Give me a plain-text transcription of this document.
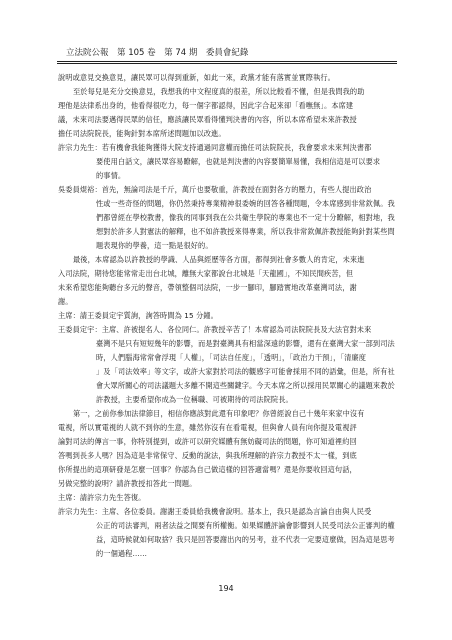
立法院公報　第 105 卷　第 74 期　委員會紀錄
說明或意見交換意見，讓民眾可以得到重新，如此一來，政黨才能有落實並實際執行。
至於每兒是充分交換意見，我想我的中文程度真的很差，所以比較看不懂，但是我問我的助
理他是法律系出身的，他看得很吃力，每一個字都認得，因此字合起來卻「看嘸無」。本席建
議，未來司法要邁得民眾的信任，應該讓民眾看得懂判決書的內容，所以本席希望未來許教授
擔任司法院院長，能夠針對本席所述問題加以改進。
許宗力先生：若有機會我能夠獲得大院支持通過同意權而擔任司法院院長，我會要求未來判決書都
要使用白話文，讓民眾容易瞭解，也就是判決書的內容要簡單易懂，我相信這是可以要求
的事情。
吳委員焜裕：首先，無論司法是千斤，萬斤也要敬重，許教授在面對各方的壓力，有些人提出政治
性或一些奇怪的問題，你仍然秉持專業精神很委婉的回答各種問題，令本席感到非常欽佩。我
們都曾經在學校教書，像我的同事到我在公共衛生學院的專業也不一定十分瞭解，相對地，我
想對於許多人對憲法的解釋，也不如許教授來得專業，所以我非常欽佩許教授能夠針對某些問
題表現你的學養，這一點是很好的。
最後，本席認為以許教授的學識、人品與經歷等各方面，都得到社會多數人的肯定，未來進
入司法院，期待您能常常走出台北城，離無大家都說台北城是「天龍國」，不知民間疾苦，但
未來希望您能夠聽台多元的聲音，帶領整個司法院，一步一腳印，腳踏實地改革臺灣司法，謝
謝。
主席：請王委員定宇質詢，詢答時間為 15 分鐘。
王委員定宇：主席、許被提名人、各位同仁。許教授辛苦了！本席認為司法院院長及大法官對未來
臺灣不是只有短短幾年的影響，而是對臺灣具有相當深遠的影響，還有在臺灣大家一部到司法
時，人們腦海常常會浮現「人權」，「司法自任度」，「透明」，「政治力干預」，「清廉度
」及「司法效率」等文字，或許大家對於司法的觀感字可能會採用不同的語彙，但是，所有社
會大眾所關心的司法議題大多離不開這些關鍵字。今天本席之所以採用民眾關心的議題來教於
許教授，主要希望你成為一位稱職、可被期待的司法院院長。
第一，之前你參加法律節目，相信你應該對此還有印象吧？你曾經說自己十幾年來家中沒有
電視，所以實電視的人就不到你的生意，雖然你沒有在看電視，但與會人員有向你提及電視評
論對司法的傳言一事，你特別提到，或許可以研究媒體有無妨礙司法的問題，你可知道裡約回
答嗎到長多人嗎？因為這是非常保守、反動的說法，與我所理解的許宗力教授不太一樣，到底
你所提出的這項研發是怎麼一回事？你認為自己做這樣的回答適當嗎？還是你要收回這句話，
另做完整的說明？請許教授扣答此一問題。
主席：請許宗力先生答復。
許宗力先生：主席、各位委員。謝謝王委員給我機會說明。基本上，我只是認為言論自由與人民受
公正的司法審判，兩者法益之間要有所權衡。如果媒體評論會影響到人民受司法公正審判的權
益，這時候就如何取捨？我只是回答要謝出內的另考，並不代表一定要這麼做，因為這是思考
的一個過程……
194
